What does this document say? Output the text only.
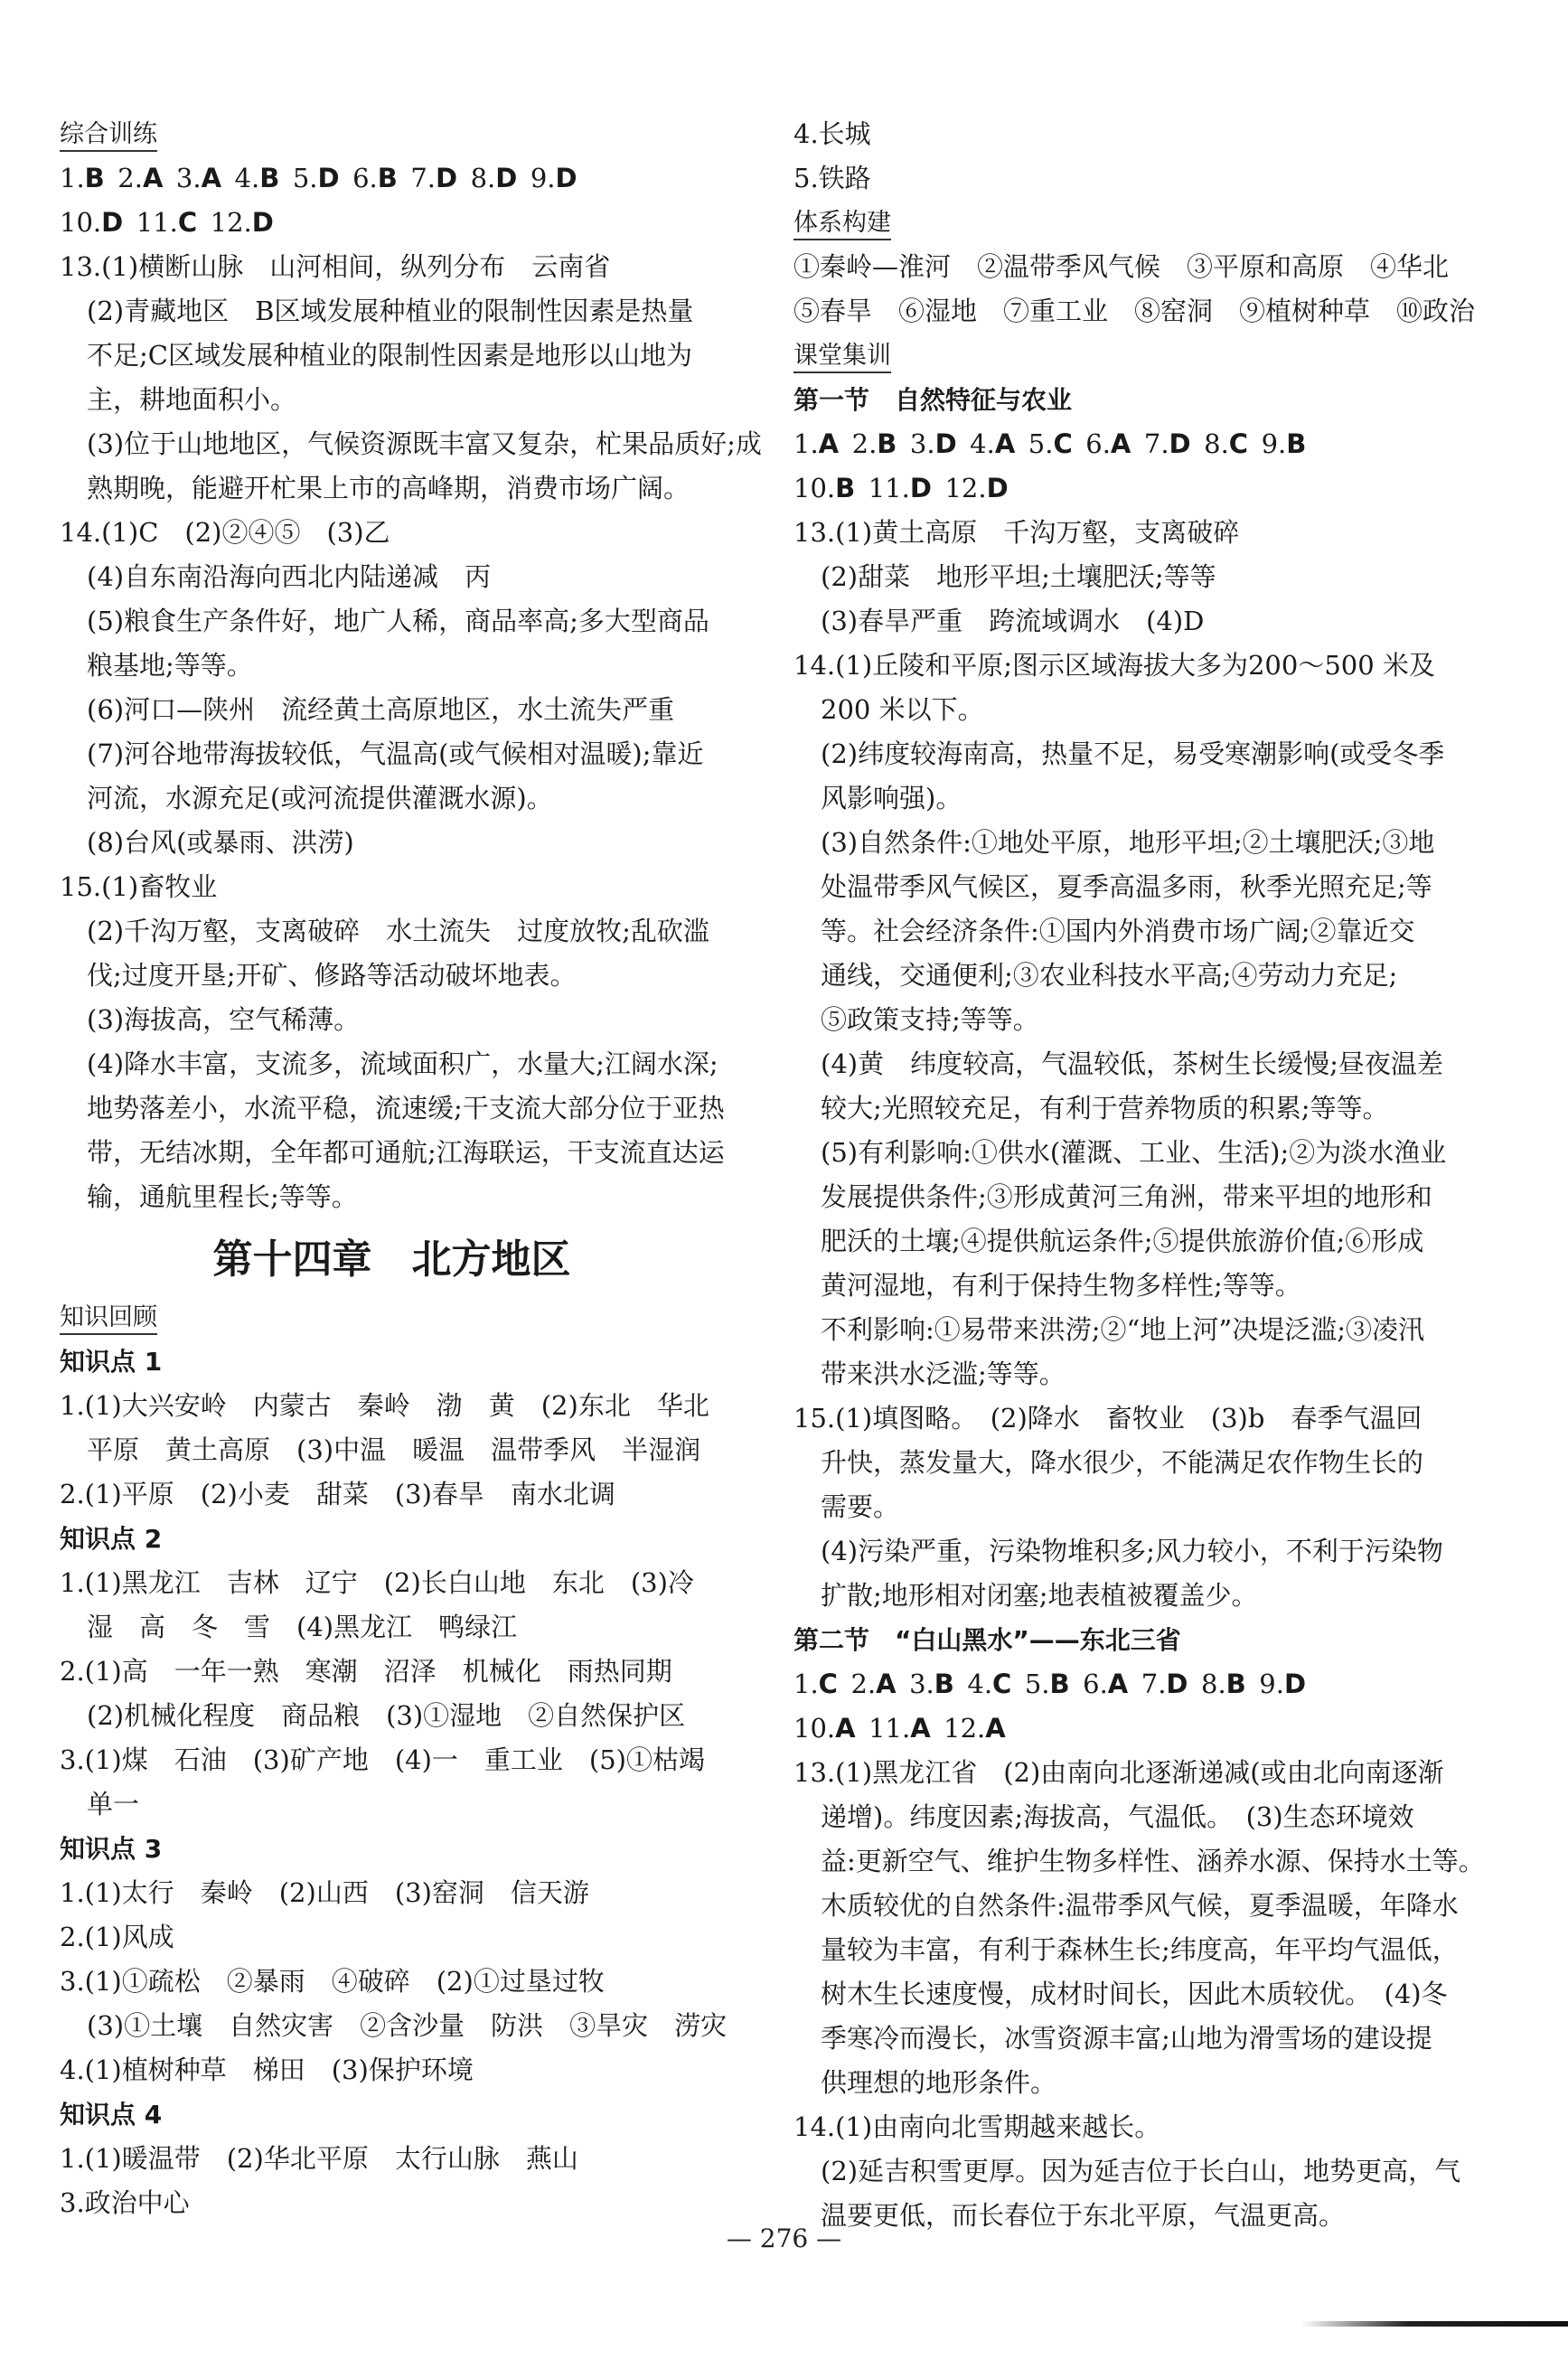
综合训练
1.B  2.A  3.A  4.B  5.D  6.B  7.D  8.D  9.D
10.D  11.C  12.D
13.(1)横断山脉　山河相间，纵列分布　云南省
(2)青藏地区　B区域发展种植业的限制性因素是热量
不足;C区域发展种植业的限制性因素是地形以山地为
主，耕地面积小。
(3)位于山地地区，气候资源既丰富又复杂，杧果品质好;成
熟期晚，能避开杧果上市的高峰期，消费市场广阔。
14.(1)C　(2)②④⑤　(3)乙
(4)自东南沿海向西北内陆递减　丙
(5)粮食生产条件好，地广人稀，商品率高;多大型商品
粮基地;等等。
(6)河口—陕州　流经黄土高原地区，水土流失严重
(7)河谷地带海拔较低，气温高(或气候相对温暖);靠近
河流，水源充足(或河流提供灌溉水源)。
(8)台风(或暴雨、洪涝)
15.(1)畜牧业
(2)千沟万壑，支离破碎　水土流失　过度放牧;乱砍滥
伐;过度开垦;开矿、修路等活动破坏地表。
(3)海拔高，空气稀薄。
(4)降水丰富，支流多，流域面积广，水量大;江阔水深;
地势落差小，水流平稳，流速缓;干支流大部分位于亚热
带，无结冰期，全年都可通航;江海联运，干支流直达运
输，通航里程长;等等。
第十四章　北方地区
知识回顾
知识点 1
1.(1)大兴安岭　内蒙古　秦岭　渤　黄　(2)东北　华北
平原　黄土高原　(3)中温　暖温　温带季风　半湿润
2.(1)平原　(2)小麦　甜菜　(3)春旱　南水北调
知识点 2
1.(1)黑龙江　吉林　辽宁　(2)长白山地　东北　(3)冷
湿　高　冬　雪　(4)黑龙江　鸭绿江
2.(1)高　一年一熟　寒潮　沼泽　机械化　雨热同期
(2)机械化程度　商品粮　(3)①湿地　②自然保护区
3.(1)煤　石油　(3)矿产地　(4)一　重工业　(5)①枯竭
单一
知识点 3
1.(1)太行　秦岭　(2)山西　(3)窑洞　信天游
2.(1)风成
3.(1)①疏松　②暴雨　④破碎　(2)①过垦过牧
(3)①土壤　自然灾害　②含沙量　防洪　③旱灾　涝灾
4.(1)植树种草　梯田　(3)保护环境
知识点 4
1.(1)暖温带　(2)华北平原　太行山脉　燕山
3.政治中心
4.长城
5.铁路
体系构建
①秦岭—淮河　②温带季风气候　③平原和高原　④华北
⑤春旱　⑥湿地　⑦重工业　⑧窑洞　⑨植树种草　⑩政治
课堂集训
第一节　自然特征与农业
1.A  2.B  3.D  4.A  5.C  6.A  7.D  8.C  9.B
10.B  11.D  12.D
13.(1)黄土高原　千沟万壑，支离破碎
(2)甜菜　地形平坦;土壤肥沃;等等
(3)春旱严重　跨流域调水　(4)D
14.(1)丘陵和平原;图示区域海拔大多为200～500 米及
200 米以下。
(2)纬度较海南高，热量不足，易受寒潮影响(或受冬季
风影响强)。
(3)自然条件:①地处平原，地形平坦;②土壤肥沃;③地
处温带季风气候区，夏季高温多雨，秋季光照充足;等
等。社会经济条件:①国内外消费市场广阔;②靠近交
通线，交通便利;③农业科技水平高;④劳动力充足;
⑤政策支持;等等。
(4)黄　纬度较高，气温较低，茶树生长缓慢;昼夜温差
较大;光照较充足，有利于营养物质的积累;等等。
(5)有利影响:①供水(灌溉、工业、生活);②为淡水渔业
发展提供条件;③形成黄河三角洲，带来平坦的地形和
肥沃的土壤;④提供航运条件;⑤提供旅游价值;⑥形成
黄河湿地，有利于保持生物多样性;等等。
不利影响:①易带来洪涝;②“地上河”决堤泛滥;③凌汛
带来洪水泛滥;等等。
15.(1)填图略。　(2)降水　畜牧业　(3)b　春季气温回
升快，蒸发量大，降水很少，不能满足农作物生长的
需要。
(4)污染严重，污染物堆积多;风力较小，不利于污染物
扩散;地形相对闭塞;地表植被覆盖少。
第二节　“白山黑水”——东北三省
1.C  2.A  3.B  4.C  5.B  6.A  7.D  8.B  9.D
10.A  11.A  12.A
13.(1)黑龙江省　(2)由南向北逐渐递减(或由北向南逐渐
递增)。纬度因素;海拔高，气温低。　(3)生态环境效
益:更新空气、维护生物多样性、涵养水源、保持水土等。
木质较优的自然条件:温带季风气候，夏季温暖，年降水
量较为丰富，有利于森林生长;纬度高，年平均气温低，
树木生长速度慢，成材时间长，因此木质较优。　(4)冬
季寒冷而漫长，冰雪资源丰富;山地为滑雪场的建设提
供理想的地形条件。
14.(1)由南向北雪期越来越长。
(2)延吉积雪更厚。因为延吉位于长白山，地势更高，气
温要更低，而长春位于东北平原，气温更高。
— 276 —
